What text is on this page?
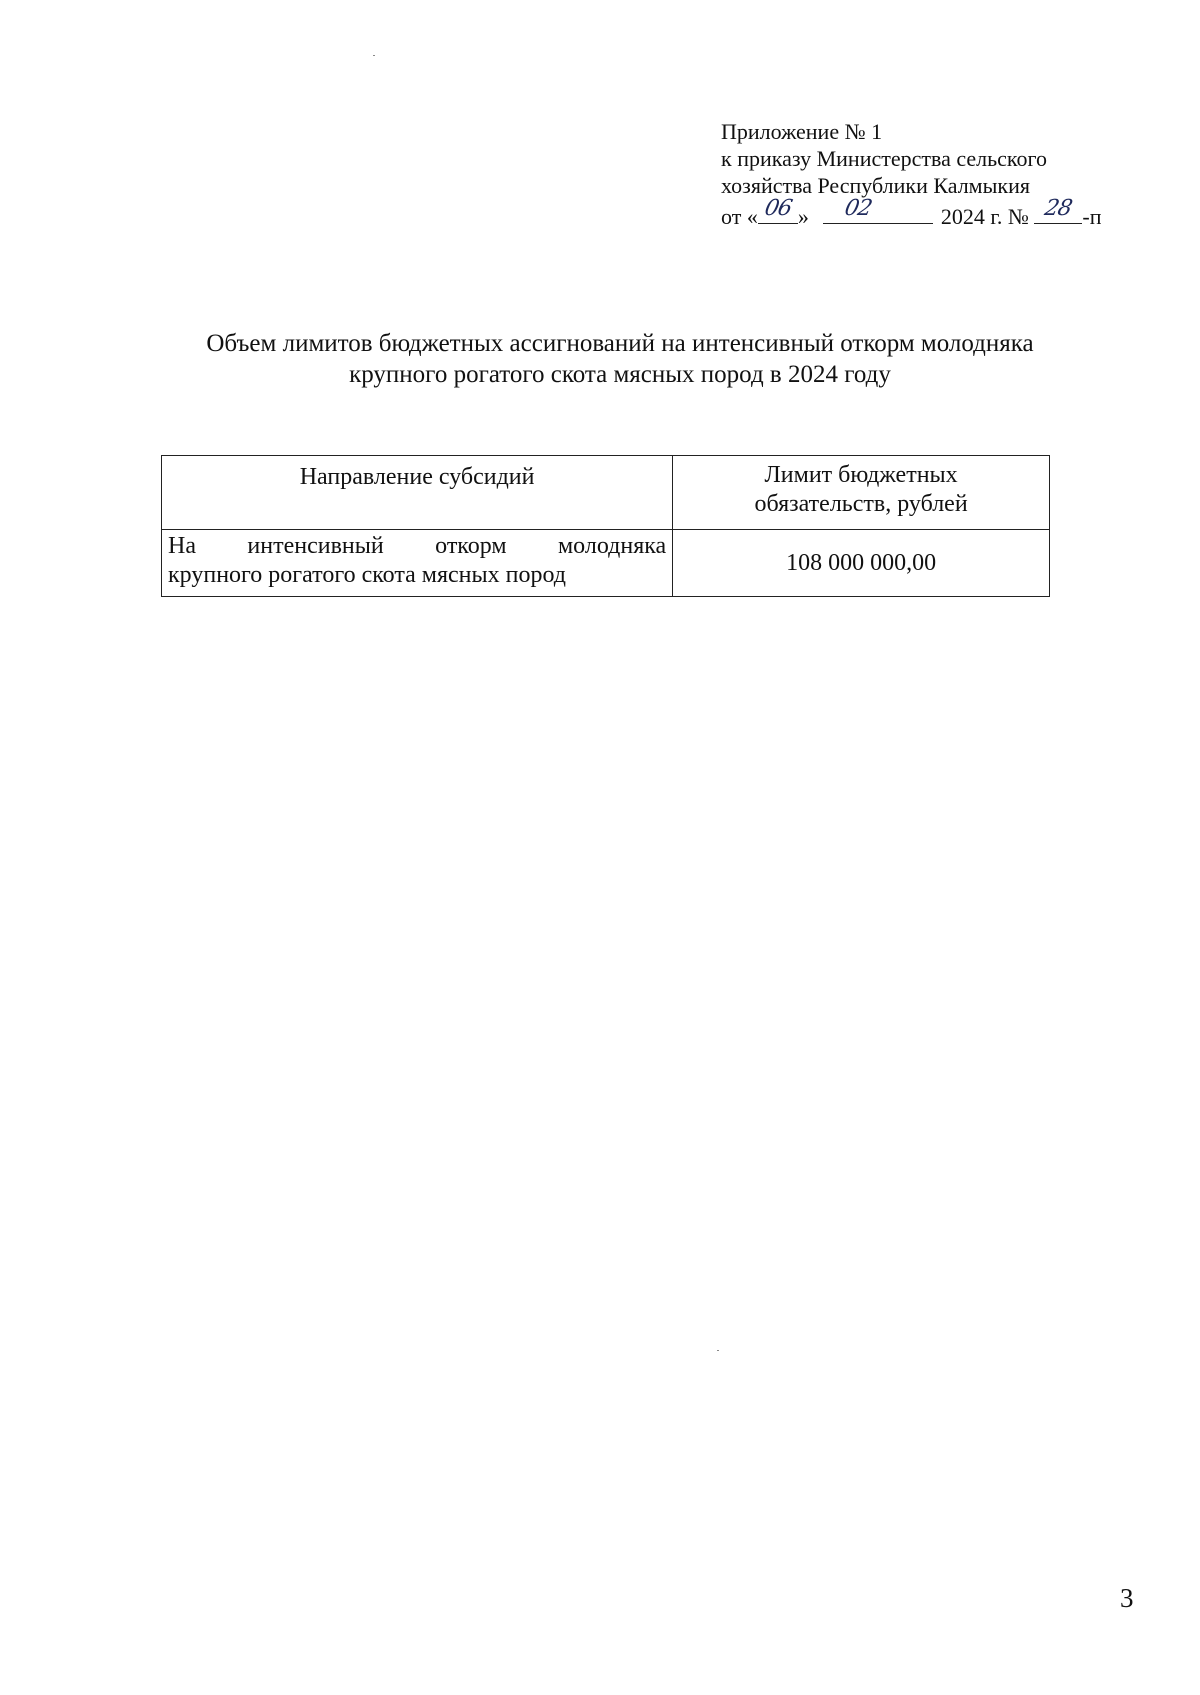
Приложение № 1
к приказу Министерства сельского
хозяйства Республики Калмыкия
от « 06 » 02	2024 г. № 28 -п
Объем лимитов бюджетных ассигнований на интенсивный откорм молодняка
крупного рогатого скота мясных пород в 2024 году
Направление субсидий	Лимит бюджетных
обязательств, рублей

На интенсивный откорм молодняка
крупного рогатого скота мясных пород	108 000 000,00
3
